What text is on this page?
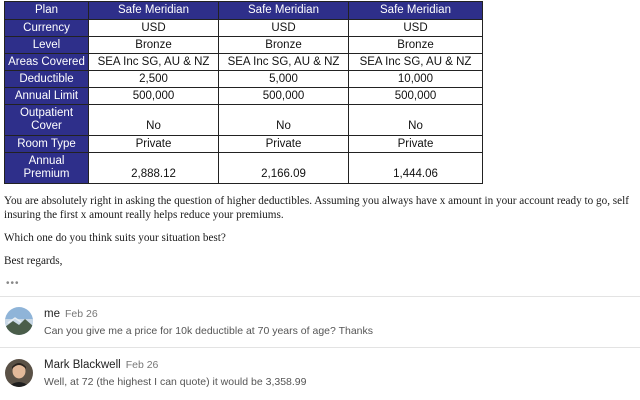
Plan	Safe Meridian	Safe Meridian	Safe Meridian
Currency	USD	USD	USD
Level	Bronze	Bronze	Bronze
Areas Covered	SEA Inc SG, AU & NZ	SEA Inc SG, AU & NZ	SEA Inc SG, AU & NZ
Deductible	2,500	5,000	10,000
Annual Limit	500,000	500,000	500,000
Outpatient Cover	No	No	No
Room Type	Private	Private	Private
Annual Premium	2,888.12	2,166.09	1,444.06

You are absolutely right in asking the question of higher deductibles. Assuming you always have x amount in your account ready to go, self insuring the first x amount really helps reduce your premiums.

Which one do you think suits your situation best?

Best regards,

•••
me Feb 26
Can you give me a price for 10k deductible at 70 years of age? Thanks
Mark Blackwell Feb 26
Well, at 72 (the highest I can quote) it would be 3,358.99
